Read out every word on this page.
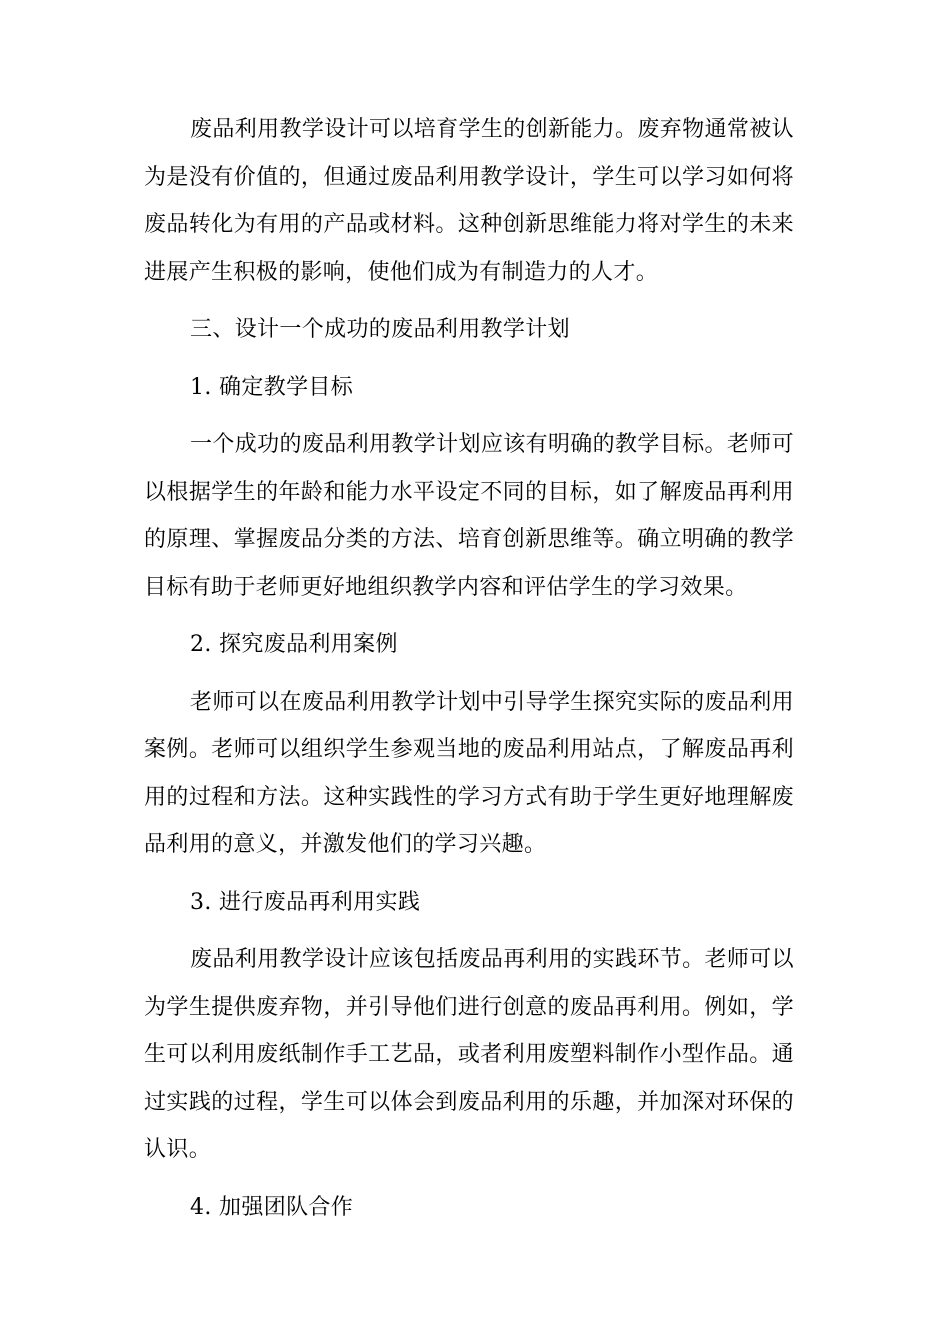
废品利用教学设计可以培育学生的创新能力。废弃物通常被认为是没有价值的，但通过废品利用教学设计，学生可以学习如何将废品转化为有用的产品或材料。这种创新思维能力将对学生的未来进展产生积极的影响，使他们成为有制造力的人才。

三、设计一个成功的废品利用教学计划

1. 确定教学目标

一个成功的废品利用教学计划应该有明确的教学目标。老师可以根据学生的年龄和能力水平设定不同的目标，如了解废品再利用的原理、掌握废品分类的方法、培育创新思维等。确立明确的教学目标有助于老师更好地组织教学内容和评估学生的学习效果。

2. 探究废品利用案例

老师可以在废品利用教学计划中引导学生探究实际的废品利用案例。老师可以组织学生参观当地的废品利用站点，了解废品再利用的过程和方法。这种实践性的学习方式有助于学生更好地理解废品利用的意义，并激发他们的学习兴趣。

3. 进行废品再利用实践

废品利用教学设计应该包括废品再利用的实践环节。老师可以为学生提供废弃物，并引导他们进行创意的废品再利用。例如，学生可以利用废纸制作手工艺品，或者利用废塑料制作小型作品。通过实践的过程，学生可以体会到废品利用的乐趣，并加深对环保的认识。

4. 加强团队合作
